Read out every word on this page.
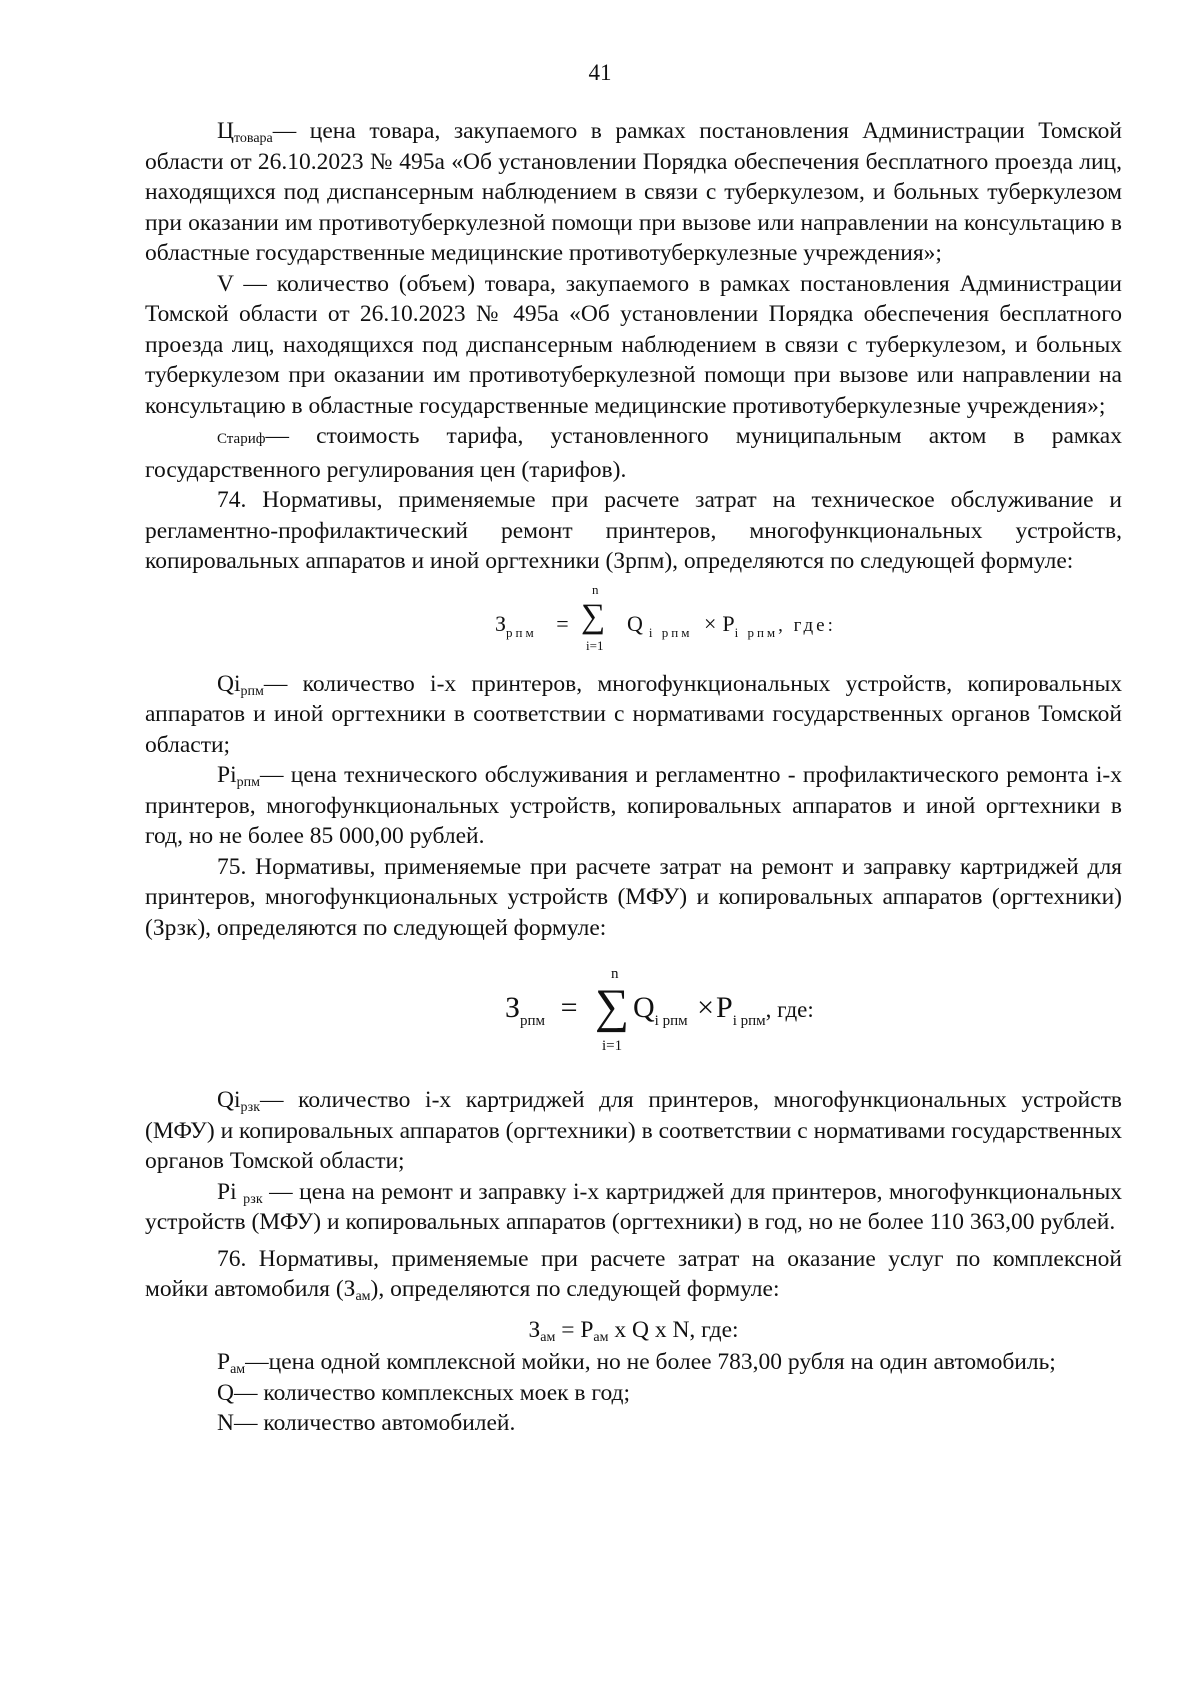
41

$Ц_{товара}—$ цена товара, закупаемого в рамках постановления Администрации Томской области от 26.10.2023 № 495а «Об установлении Порядка обеспечения бесплатного проезда лиц, находящихся под диспансерным наблюдением в связи с туберкулезом, и больных туберкулезом при оказании им противотуберкулезной помощи при вызове или направлении на консультацию в областные государственные медицинские противотуберкулезные учреждения»;

V — количество (объем) товара, закупаемого в рамках постановления Администрации Томской области от 26.10.2023 № 495а «Об установлении Порядка обеспечения бесплатного проезда лиц, находящихся под диспансерным наблюдением в связи с туберкулезом, и больных туберкулезом при оказании им противотуберкулезной помощи при вызове или направлении на консультацию в областные государственные медицинские противотуберкулезные учреждения»;

Стариф— стоимость тарифа, установленного муниципальным актом в рамках государственного регулирования цен (тарифов).

74. Нормативы, применяемые при расчете затрат на техническое обслуживание и регламентно-профилактический ремонт принтеров, многофункциональных устройств, копировальных аппаратов и иной оргтехники (Зрпм), определяются по следующей формуле:

$З_{рпм}$ =
n
∑
i=1
Q $_{i рпм} \times P_{i рпм}$, где:

$Qi_{рпм}—$ количество i-x принтеров, многофункциональных устройств, копировальных аппаратов и иной оргтехники в соответствии с нормативами государственных органов Томской области;

$Pi_{рпм}—$ цена технического обслуживания и регламентно - профилактического ремонта i-x принтеров, многофункциональных устройств, копировальных аппаратов и иной оргтехники в год, но не более 85 000,00 рублей.

75. Нормативы, применяемые при расчете затрат на ремонт и заправку картриджей для принтеров, многофункциональных устройств (МФУ) и копировальных аппаратов (оргтехники) (Зрзк), определяются по следующей формуле:

$З_{рпм}$ =
n
∑
i=1
$Q_{i рпм} \times P_{i рпм}$, где:

$Qi_{рзк}—$ количество i-x картриджей для принтеров, многофункциональных устройств (МФУ) и копировальных аппаратов (оргтехники) в соответствии с нормативами государственных органов Томской области;

Pi $_{рзк}$ — цена на ремонт и заправку i-x картриджей для принтеров, многофункциональных устройств (МФУ) и копировальных аппаратов (оргтехники) в год, но не более 110 363,00 рублей.

76. Нормативы, применяемые при расчете затрат на оказание услуг по комплексной мойки автомобиля $(З_{ам})$, определяются по следующей формуле:

$З_{ам} = P_{ам}$ x Q x N, где:

$P_{ам}—цена$ одной комплексной мойки, но не более 783,00 рубля на один автомобиль;

Q— количество комплексных моек в год;

N— количество автомобилей.
